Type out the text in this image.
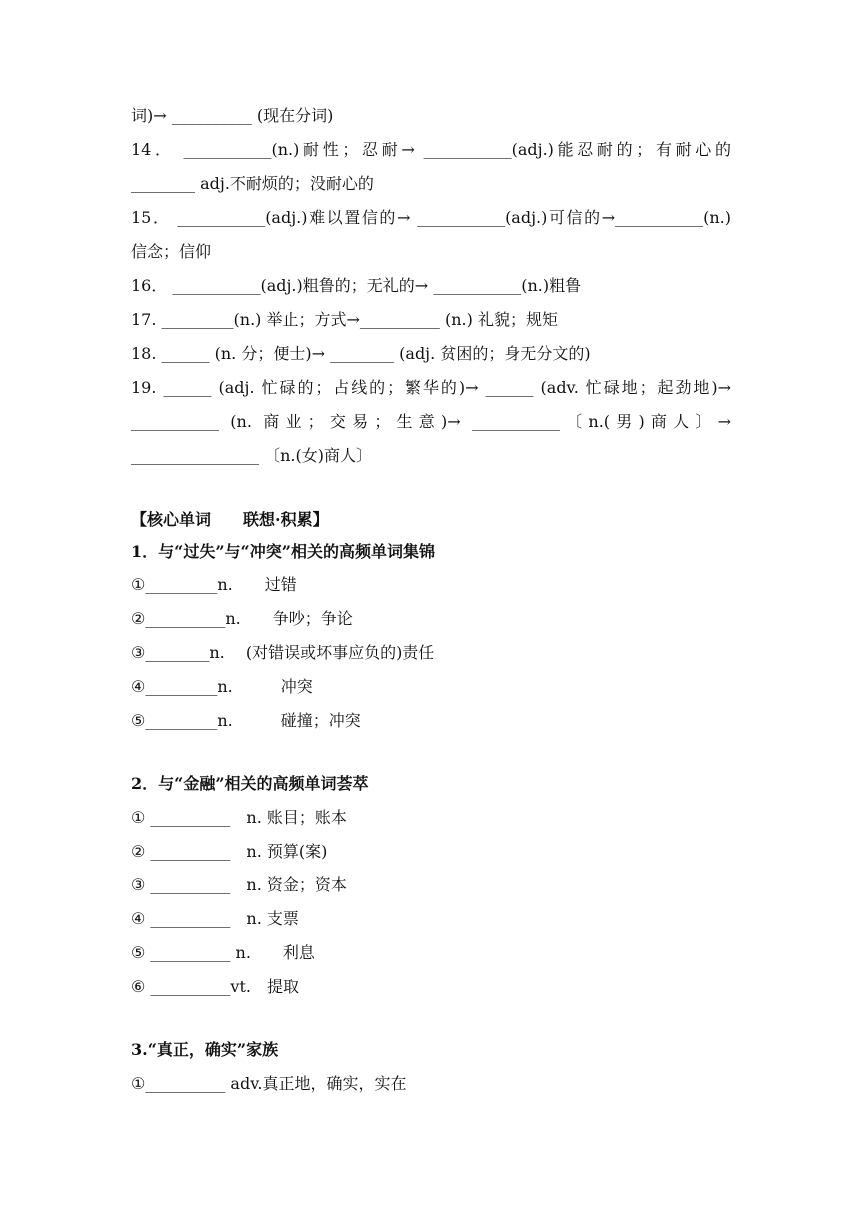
词)→ __________ (现在分词)
14． ___________(n.)耐性；忍耐→ ___________(adj.)能忍耐的；有耐心的
________ adj.不耐烦的；没耐心的
15． ___________(adj.)难以置信的→ ___________(adj.)可信的→___________(n.)
信念；信仰
16． ___________(adj.)粗鲁的；无礼的→ ___________(n.)粗鲁
17. _________(n.) 举止；方式→__________ (n.) 礼貌；规矩
18. ______ (n. 分；便士)→ ________ (adj. 贫困的；身无分文的)
19. ______ (adj. 忙碌的；占线的；繁华的)→ ______ (adv. 忙碌地；起劲地)→
___________ (n. 商业；交易；生意)→ ___________〔n.(男)商人〕→
________________ 〔n.(女)商人〕
【核心单词　　联想·积累】
1．与“过失”与“冲突”相关的高频单词集锦
①_________n.　　过错
②__________n.　　争吵；争论
③________n.　 (对错误或坏事应负的)责任
④_________n.　　　冲突
⑤_________n.　　　碰撞；冲突
2．与“金融”相关的高频单词荟萃
① __________　n. 账目；账本
② __________　n. 预算(案)
③ __________　n. 资金；资本
④ __________　n. 支票
⑤ __________ n.　　利息
⑥ __________vt.　提取
3.“真正，确实”家族
①__________ adv.真正地，确实，实在
